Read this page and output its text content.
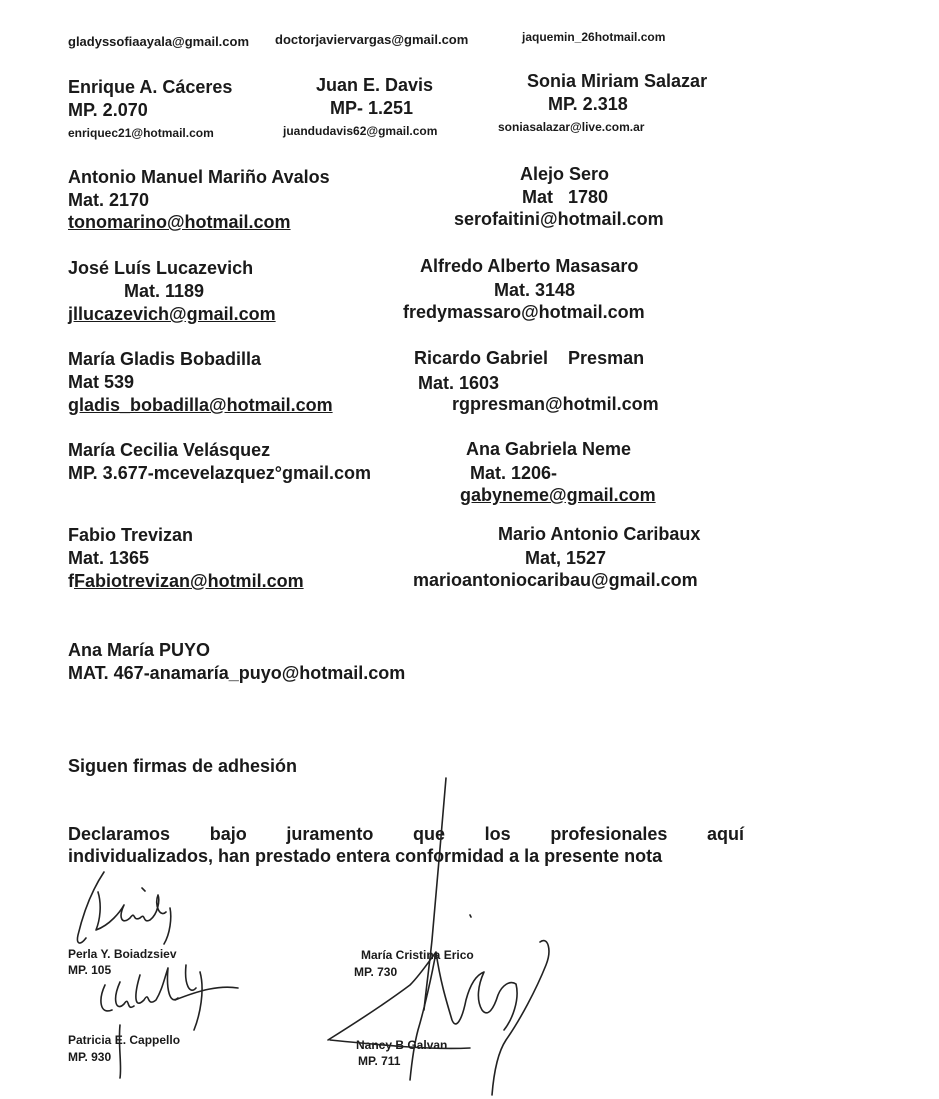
gladyssofiaayala@gmail.com doctorjaviervargas@gmail.com	jaquemin_26hotmail.com
Enrique A. Cáceres
MP. 2.070
enriquec21@hotmail.com
Juan E. Davis
MP- 1.251
juandudavis62@gmail.com
Sonia Miriam Salazar
MP. 2.318
soniasalazar@live.com.ar
Antonio Manuel Mariño Avalos
Mat. 2170
tonomarino@hotmail.com
Alejo Sero
Mat   1780
serofaitini@hotmail.com
José Luís Lucazevich
Mat. 1189
jllucazevich@gmail.com
Alfredo Alberto Masasaro
Mat. 3148
fredymassaro@hotmail.com
María Gladis Bobadilla
Mat 539
gladis_bobadilla@hotmail.com
Ricardo Gabriel    Presman
Mat. 1603
rgpresman@hotmil.com
María Cecilia Velásquez
MP. 3.677-mcevelazquez°gmail.com
Ana Gabriela Neme
Mat. 1206-
gabyneme@gmail.com
Fabio Trevizan
Mat. 1365
fFabiotrevizan@hotmil.com
Mario Antonio Caribaux
Mat, 1527
marioantoniocaribau@gmail.com
Ana María PUYO
MAT. 467-anamaría_puyo@hotmail.com
Siguen firmas de adhesión
Declaramos bajo juramento que los profesionales aquí
individualizados, han prestado entera conformidad a la presente nota
Perla Y. Boiadzsiev
MP. 105
María Cristina Erico
MP. 730
Patricia E. Cappello
MP. 930
Nancy B Galvan
MP. 711
